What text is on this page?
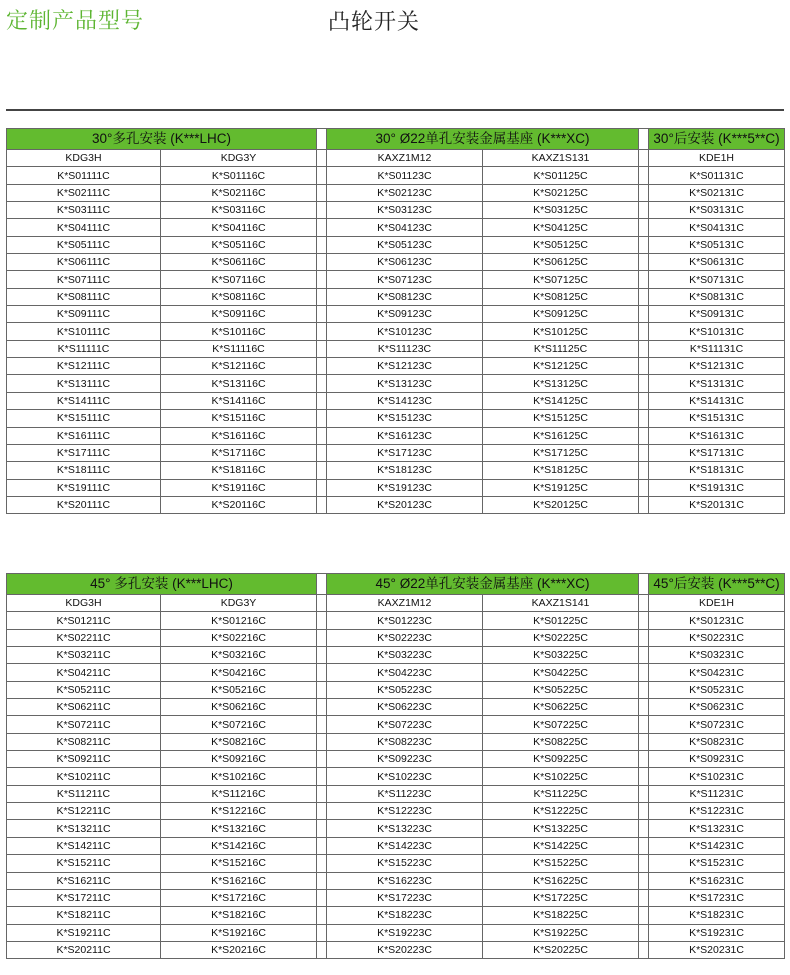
定制产品型号	凸轮开关
30°多孔安装 (K***LHC)			30° Ø22单孔安装金属基座 (K***XC)			30°后安装 (K***5**C)
KDG3H	KDG3Y		KAXZ1M12	KAXZ1S131		KDE1H
K*S01111C	K*S01116C		K*S01123C	K*S01125C		K*S01131C
K*S02111C	K*S02116C		K*S02123C	K*S02125C		K*S02131C
K*S03111C	K*S03116C		K*S03123C	K*S03125C		K*S03131C
K*S04111C	K*S04116C		K*S04123C	K*S04125C		K*S04131C
K*S05111C	K*S05116C		K*S05123C	K*S05125C		K*S05131C
K*S06111C	K*S06116C		K*S06123C	K*S06125C		K*S06131C
K*S07111C	K*S07116C		K*S07123C	K*S07125C		K*S07131C
K*S08111C	K*S08116C		K*S08123C	K*S08125C		K*S08131C
K*S09111C	K*S09116C		K*S09123C	K*S09125C		K*S09131C
K*S10111C	K*S10116C		K*S10123C	K*S10125C		K*S10131C
K*S11111C	K*S11116C		K*S11123C	K*S11125C		K*S11131C
K*S12111C	K*S12116C		K*S12123C	K*S12125C		K*S12131C
K*S13111C	K*S13116C		K*S13123C	K*S13125C		K*S13131C
K*S14111C	K*S14116C		K*S14123C	K*S14125C		K*S14131C
K*S15111C	K*S15116C		K*S15123C	K*S15125C		K*S15131C
K*S16111C	K*S16116C		K*S16123C	K*S16125C		K*S16131C
K*S17111C	K*S17116C		K*S17123C	K*S17125C		K*S17131C
K*S18111C	K*S18116C		K*S18123C	K*S18125C		K*S18131C
K*S19111C	K*S19116C		K*S19123C	K*S19125C		K*S19131C
K*S20111C	K*S20116C		K*S20123C	K*S20125C		K*S20131C
45° 多孔安装 (K***LHC)			45° Ø22单孔安装金属基座 (K***XC)			45°后安装 (K***5**C)
KDG3H	KDG3Y		KAXZ1M12	KAXZ1S141		KDE1H
K*S01211C	K*S01216C		K*S01223C	K*S01225C		K*S01231C
K*S02211C	K*S02216C		K*S02223C	K*S02225C		K*S02231C
K*S03211C	K*S03216C		K*S03223C	K*S03225C		K*S03231C
K*S04211C	K*S04216C		K*S04223C	K*S04225C		K*S04231C
K*S05211C	K*S05216C		K*S05223C	K*S05225C		K*S05231C
K*S06211C	K*S06216C		K*S06223C	K*S06225C		K*S06231C
K*S07211C	K*S07216C		K*S07223C	K*S07225C		K*S07231C
K*S08211C	K*S08216C		K*S08223C	K*S08225C		K*S08231C
K*S09211C	K*S09216C		K*S09223C	K*S09225C		K*S09231C
K*S10211C	K*S10216C		K*S10223C	K*S10225C		K*S10231C
K*S11211C	K*S11216C		K*S11223C	K*S11225C		K*S11231C
K*S12211C	K*S12216C		K*S12223C	K*S12225C		K*S12231C
K*S13211C	K*S13216C		K*S13223C	K*S13225C		K*S13231C
K*S14211C	K*S14216C		K*S14223C	K*S14225C		K*S14231C
K*S15211C	K*S15216C		K*S15223C	K*S15225C		K*S15231C
K*S16211C	K*S16216C		K*S16223C	K*S16225C		K*S16231C
K*S17211C	K*S17216C		K*S17223C	K*S17225C		K*S17231C
K*S18211C	K*S18216C		K*S18223C	K*S18225C		K*S18231C
K*S19211C	K*S19216C		K*S19223C	K*S19225C		K*S19231C
K*S20211C	K*S20216C		K*S20223C	K*S20225C		K*S20231C
